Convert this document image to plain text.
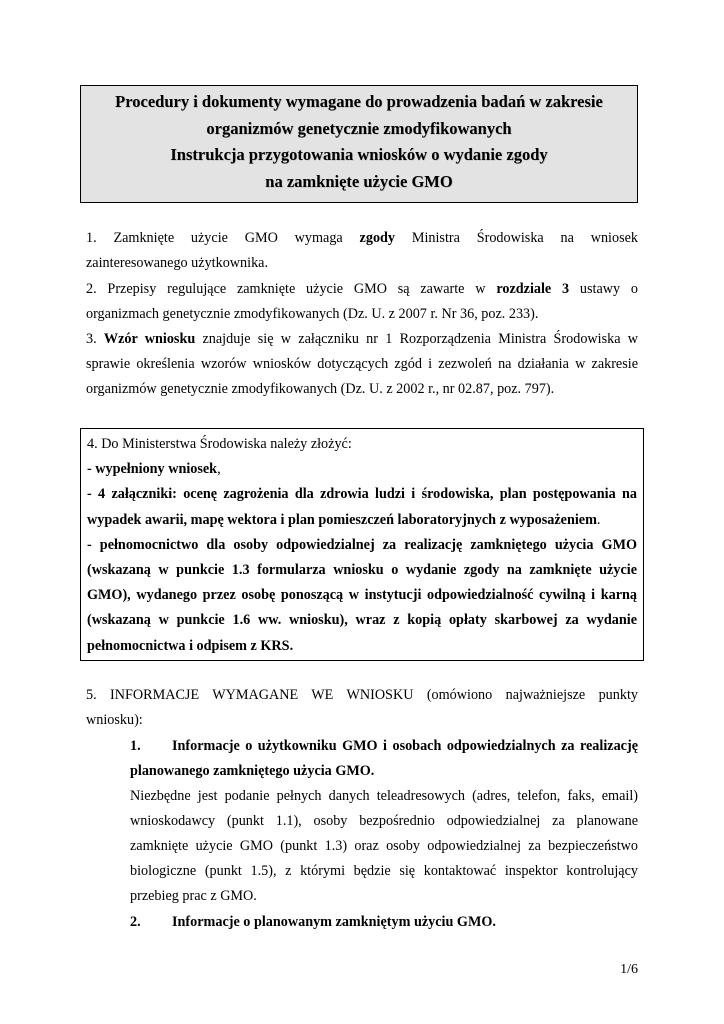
Procedury i dokumenty wymagane do prowadzenia badań w zakresie
organizmów genetycznie zmodyfikowanych
Instrukcja przygotowania wniosków o wydanie zgody
na zamknięte użycie GMO
1. Zamknięte użycie GMO wymaga zgody Ministra Środowiska na wniosek
zainteresowanego użytkownika.
2. Przepisy regulujące zamknięte użycie GMO są zawarte w rozdziale 3 ustawy o
organizmach genetycznie zmodyfikowanych (Dz. U. z 2007 r. Nr 36, poz. 233).
3. Wzór wniosku znajduje się w załączniku nr 1 Rozporządzenia Ministra Środowiska w
sprawie określenia wzorów wniosków dotyczących zgód i zezwoleń na działania w zakresie
organizmów genetycznie zmodyfikowanych (Dz. U. z 2002 r., nr 02.87, poz. 797).
4. Do Ministerstwa Środowiska należy złożyć:
- wypełniony wniosek,
- 4 załączniki: ocenę zagrożenia dla zdrowia ludzi i środowiska, plan postępowania na
wypadek awarii, mapę wektora i plan pomieszczeń laboratoryjnych z wyposażeniem.
- pełnomocnictwo dla osoby odpowiedzialnej za realizację zamkniętego użycia GMO
(wskazaną w punkcie 1.3 formularza wniosku o wydanie zgody na zamknięte użycie
GMO), wydanego przez osobę ponoszącą w instytucji odpowiedzialność cywilną i karną
(wskazaną w punkcie 1.6 ww. wniosku), wraz z kopią opłaty skarbowej za wydanie
pełnomocnictwa i odpisem z KRS.
5. INFORMACJE WYMAGANE WE WNIOSKU (omówiono najważniejsze punkty
wniosku):
1.	Informacje o użytkowniku GMO i osobach odpowiedzialnych za realizację
planowanego zamkniętego użycia GMO.
Niezbędne jest podanie pełnych danych teleadresowych (adres, telefon, faks, email)
wnioskodawcy (punkt 1.1), osoby bezpośrednio odpowiedzialnej za planowane
zamknięte użycie GMO (punkt 1.3) oraz osoby odpowiedzialnej za bezpieczeństwo
biologiczne (punkt 1.5), z którymi będzie się kontaktować inspektor kontrolujący
przebieg prac z GMO.
2. Informacje o planowanym zamkniętym użyciu GMO.
1/6
